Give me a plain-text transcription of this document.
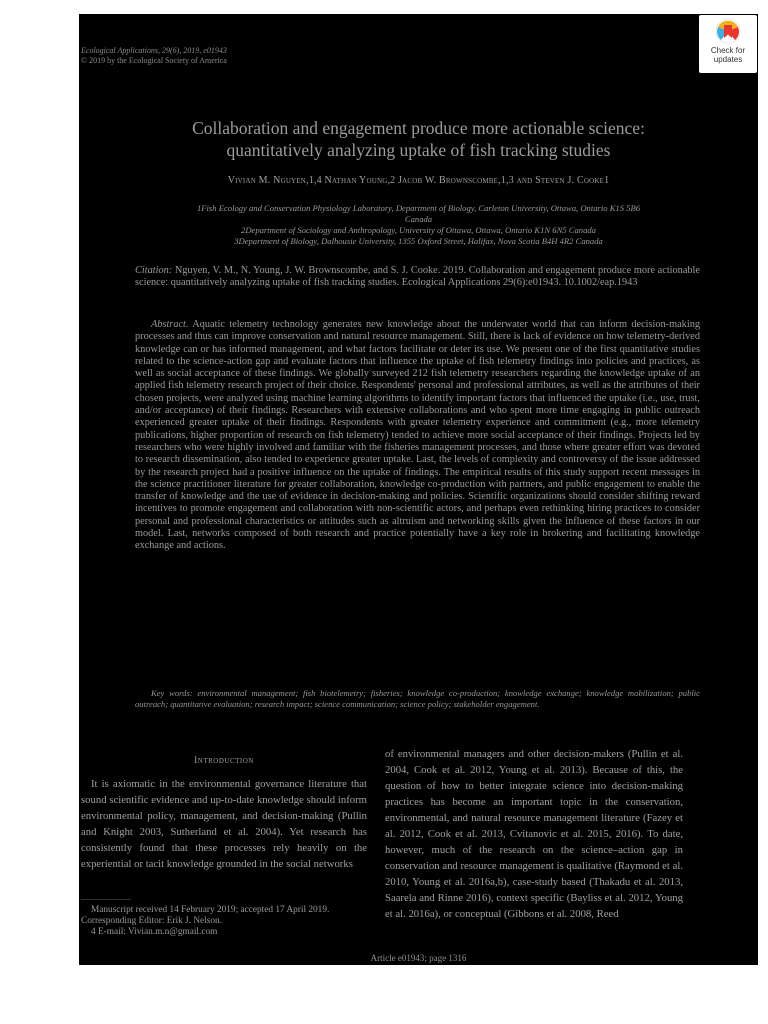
Ecological Applications, 29(6), 2019, e01943
© 2019 by the Ecological Society of America
Check for
updates
Collaboration and engagement produce more actionable science:
quantitatively analyzing uptake of fish tracking studies
Vivian M. Nguyen,1,4 Nathan Young,2 Jacob W. Brownscombe,1,3 and Steven J. Cooke1
1Fish Ecology and Conservation Physiology Laboratory, Department of Biology, Carleton University, Ottawa, Ontario K1S 5B6
Canada
2Department of Sociology and Anthropology, University of Ottawa, Ottawa, Ontario K1N 6N5 Canada
3Department of Biology, Dalhousie University, 1355 Oxford Street, Halifax, Nova Scotia B4H 4R2 Canada
Citation: Nguyen, V. M., N. Young, J. W. Brownscombe, and S. J. Cooke. 2019. Collaboration and engagement produce more actionable science: quantitatively analyzing uptake of fish tracking studies. Ecological Applications 29(6):e01943. 10.1002/eap.1943
Abstract. Aquatic telemetry technology generates new knowledge about the underwater world that can inform decision-making processes and thus can improve conservation and natural resource management. Still, there is lack of evidence on how telemetry-derived knowledge can or has informed management, and what factors facilitate or deter its use. We present one of the first quantitative studies related to the science-action gap and evaluate factors that influence the uptake of fish telemetry findings into policies and practices, as well as social acceptance of these findings. We globally surveyed 212 fish telemetry researchers regarding the knowledge uptake of an applied fish telemetry research project of their choice. Respondents' personal and professional attributes, as well as the attributes of their chosen projects, were analyzed using machine learning algorithms to identify important factors that influenced the uptake (i.e., use, trust, and/or acceptance) of their findings. Researchers with extensive collaborations and who spent more time engaging in public outreach experienced greater uptake of their findings. Respondents with greater telemetry experience and commitment (e.g., more telemetry publications, higher proportion of research on fish telemetry) tended to achieve more social acceptance of their findings. Projects led by researchers who were highly involved and familiar with the fisheries management processes, and those where greater effort was devoted to research dissemination, also tended to experience greater uptake. Last, the levels of complexity and controversy of the issue addressed by the research project had a positive influence on the uptake of findings. The empirical results of this study support recent messages in the science practitioner literature for greater collaboration, knowledge co-production with partners, and public engagement to enable the transfer of knowledge and the use of evidence in decision-making and policies. Scientific organizations should consider shifting reward incentives to promote engagement and collaboration with non-scientific actors, and perhaps even rethinking hiring practices to consider personal and professional characteristics or attitudes such as altruism and networking skills given the influence of these factors in our model. Last, networks composed of both research and practice potentially have a key role in brokering and facilitating knowledge exchange and actions.
Key words: environmental management; fish biotelemetry; fisheries; knowledge co-production; knowledge exchange; knowledge mobilization; public outreach; quantitative evaluation; research impact; science communication; science policy; stakeholder engagement.
Introduction
It is axiomatic in the environmental governance literature that sound scientific evidence and up-to-date knowledge should inform environmental policy, management, and decision-making (Pullin and Knight 2003, Sutherland et al. 2004). Yet research has consistently found that these processes rely heavily on the experiential or tacit knowledge grounded in the social networks
of environmental managers and other decision-makers (Pullin et al. 2004, Cook et al. 2012, Young et al. 2013). Because of this, the question of how to better integrate science into decision-making practices has become an important topic in the conservation, environmental, and natural resource management literature (Fazey et al. 2012, Cook et al. 2013, Cvitanovic et al. 2015, 2016). To date, however, much of the research on the science–action gap in conservation and resource management is qualitative (Raymond et al. 2010, Young et al. 2016a,b), case-study based (Thakadu et al. 2013, Saarela and Rinne 2016), context specific (Bayliss et al. 2012, Young et al. 2016a), or conceptual (Gibbons et al. 2008, Reed
Manuscript received 14 February 2019; accepted 17 April 2019. Corresponding Editor: Erik J. Nelson.
4 E-mail: Vivian.m.n@gmail.com
Article e01943; page 1316
